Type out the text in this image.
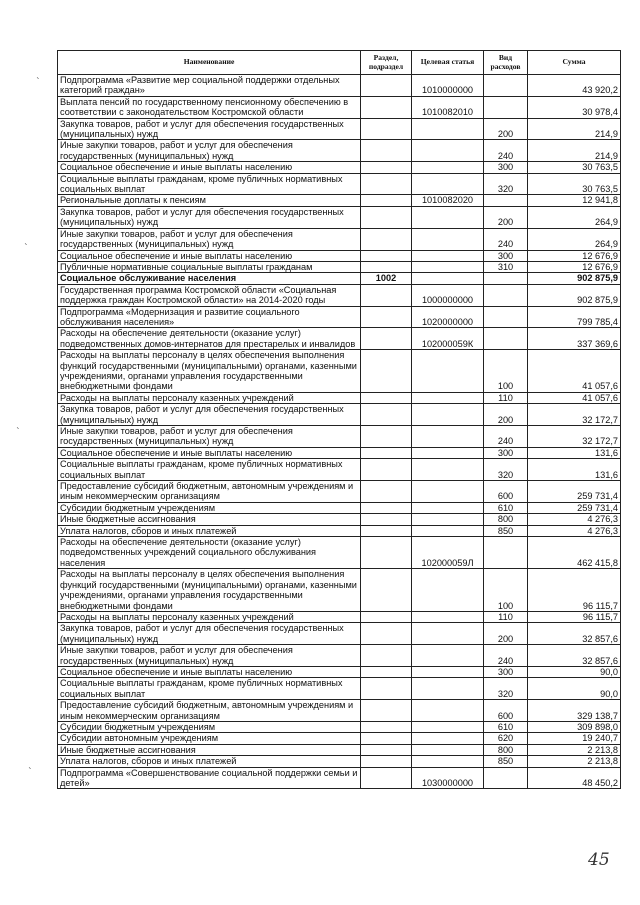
Наименование	Раздел, подраздел	Целевая статья	Вид расходов	Сумма
Подпрограмма «Развитие мер социальной поддержки отдельных категорий граждан»		1010000000		43 920,2
Выплата пенсий по государственному пенсионному обеспечению в соответствии с законодательством Костромской области		1010082010		30 978,4
Закупка товаров, работ и услуг для обеспечения государственных (муниципальных) нужд			200	214,9
Иные закупки товаров, работ и услуг для обеспечения государственных (муниципальных) нужд			240	214,9
Социальное обеспечение и иные выплаты населению			300	30 763,5
Социальные выплаты гражданам, кроме публичных нормативных социальных выплат			320	30 763,5
Региональные доплаты к пенсиям		1010082020		12 941,8
Закупка товаров, работ и услуг для обеспечения государственных (муниципальных) нужд			200	264,9
Иные закупки товаров, работ и услуг для обеспечения государственных (муниципальных) нужд			240	264,9
Социальное обеспечение и иные выплаты населению			300	12 676,9
Публичные нормативные социальные выплаты гражданам			310	12 676,9
Социальное обслуживание населения	1002			902 875,9
Государственная программа Костромской области «Социальная поддержка граждан Костромской области» на 2014-2020 годы		1000000000		902 875,9
Подпрограмма «Модернизация и развитие социального обслуживания населения»		1020000000		799 785,4
Расходы на обеспечение деятельности (оказание услуг) подведомственных домов-интернатов для престарелых и инвалидов		102000059К		337 369,6
Расходы на выплаты персоналу в целях обеспечения выполнения функций государственными (муниципальными) органами, казенными учреждениями, органами управления государственными внебюджетными фондами			100	41 057,6
Расходы на выплаты персоналу казенных учреждений			110	41 057,6
Закупка товаров, работ и услуг для обеспечения государственных (муниципальных) нужд			200	32 172,7
Иные закупки товаров, работ и услуг для обеспечения государственных (муниципальных) нужд			240	32 172,7
Социальное обеспечение и иные выплаты населению			300	131,6
Социальные выплаты гражданам, кроме публичных нормативных социальных выплат			320	131,6
Предоставление субсидий бюджетным, автономным учреждениям и иным некоммерческим организациям			600	259 731,4
Субсидии бюджетным учреждениям			610	259 731,4
Иные бюджетные ассигнования			800	4 276,3
Уплата налогов, сборов и иных платежей			850	4 276,3
Расходы на обеспечение деятельности (оказание услуг) подведомственных учреждений социального обслуживания населения		102000059Л		462 415,8
Расходы на выплаты персоналу в целях обеспечения выполнения функций государственными (муниципальными) органами, казенными учреждениями, органами управления государственными внебюджетными фондами			100	96 115,7
Расходы на выплаты персоналу казенных учреждений			110	96 115,7
Закупка товаров, работ и услуг для обеспечения государственных (муниципальных) нужд			200	32 857,6
Иные закупки товаров, работ и услуг для обеспечения государственных (муниципальных) нужд			240	32 857,6
Социальное обеспечение и иные выплаты населению			300	90,0
Социальные выплаты гражданам, кроме публичных нормативных социальных выплат			320	90,0
Предоставление субсидий бюджетным, автономным учреждениям и иным некоммерческим организациям			600	329 138,7
Субсидии бюджетным учреждениям			610	309 898,0
Субсидии автономным учреждениям			620	19 240,7
Иные бюджетные ассигнования			800	2 213,8
Уплата налогов, сборов и иных платежей			850	2 213,8
Подпрограмма «Совершенствование социальной поддержки семьи и детей»		1030000000		48 450,2
ˎ
ˎ
ˎ
ˎ
45
